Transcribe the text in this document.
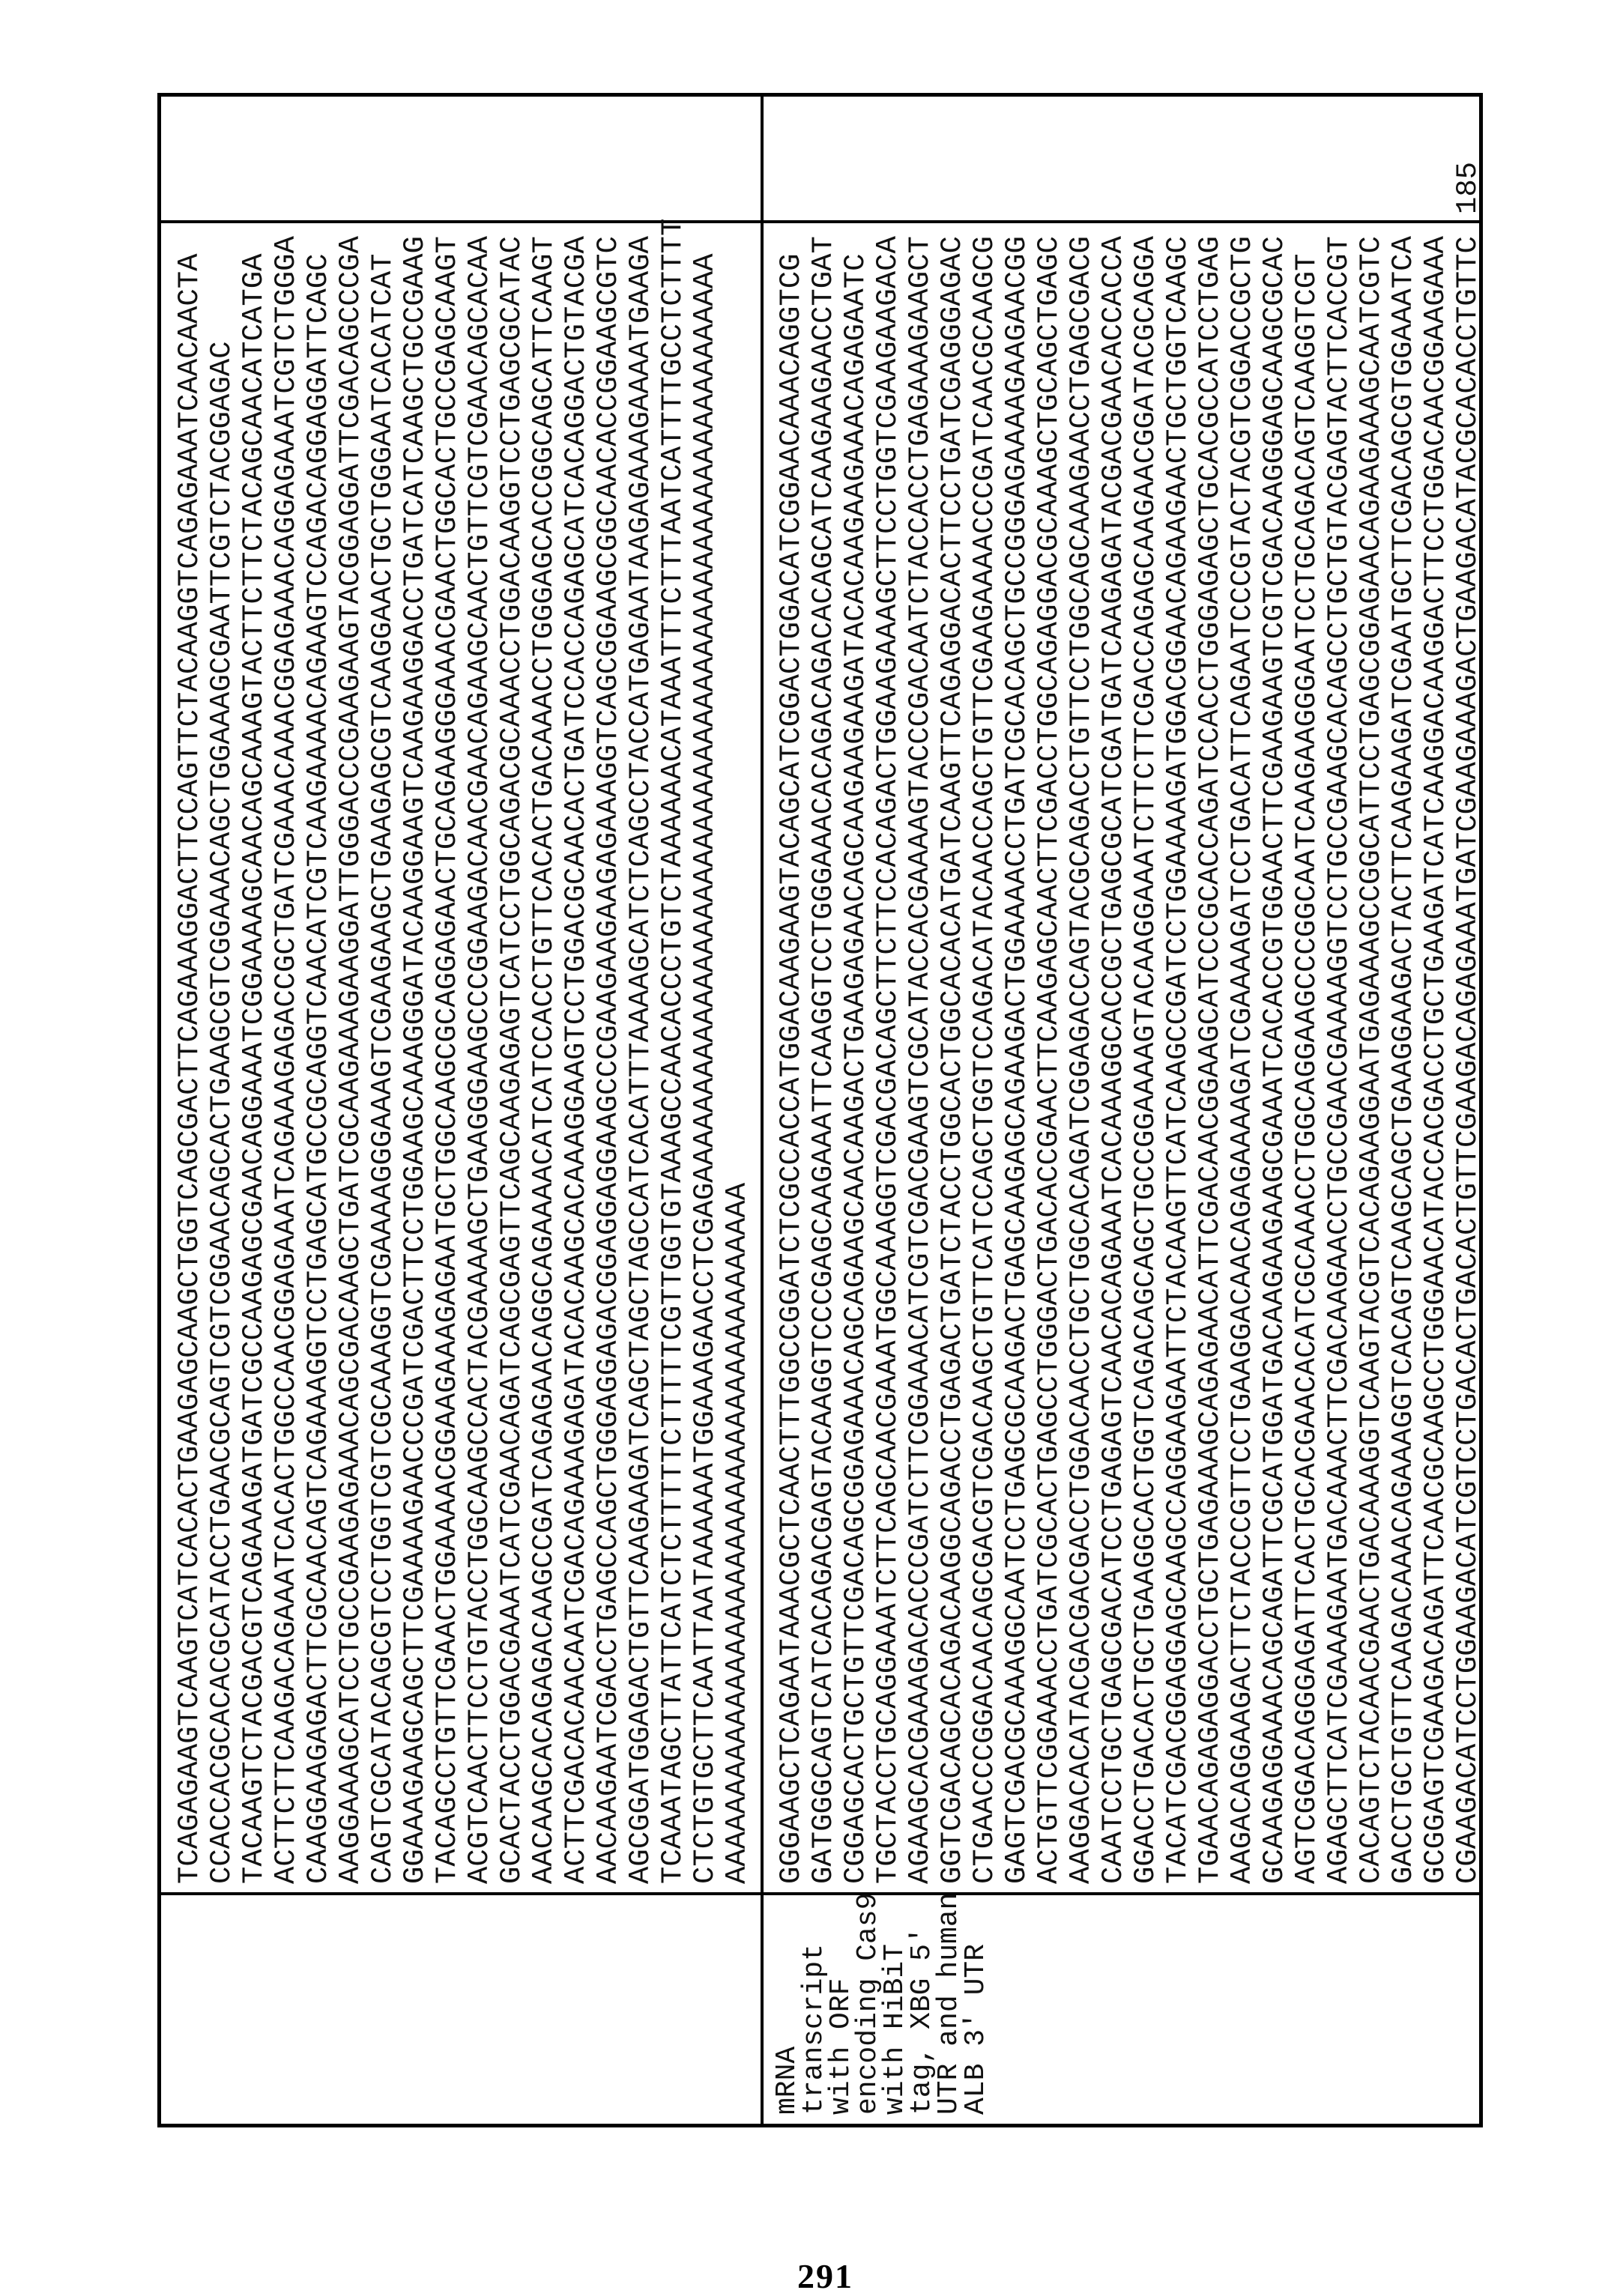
TCAGAGAAGTCAAGTCATCACACTGAAGAGCAAGCTGGTCAGCGACTTCAGAAAGGACTTCCAGTTCTACAAGGTCAGAGAAATCAACAACTA
CCACCACGCACACGCATACCTGAACGCAGTCGTCGGAACAGCACTGAAGCGTCGGAAACAGCTGGAAAGCGAATTCGTCTACGGAGAC
TACAAGTCTACGACGTCAGAAAGATGATCGCCAAGAGCGAACAGGAAATCGGAAAAGCAACAGCAAAGTACTTCTTCTACAGCAACATCATGA
ACTTCTTCAAGACAGAAATCACACTGGCCAACGGAGAAATCAGAAAGAGACCGCTGATCGAAACAAACGGAGAAACAGGAGAAATCGTCTGGGA
CAAGGAAGAGACTTCGCAACAGTCAGAAAGGTCCTGAGCATGCCGCAGGTCAACATCGTCAAGAAAACAGAAGTCCAGACAGGAGGATTCAGC
AAGGAAAGCATCCTGCCGAAGAGAAACAGCGACAAGCTGATCGCAAGAAAGAAGGATTGGGACCCGAAGAAGTACGGAGGATTCGACAGCCCGA
CAGTCGCATACAGCGTCCTGGTCGTCGCAAAGGTCGAAAAGGGAAAGTCGAAGAAGCTGAAGAGCGTCAAGGAACTGCTGGGAATCACATCAT
GGAAAGAAGCAGCTTCGAAAAGAACCCGATCGACTTCCTGGAAGCAAAGGGATACAAGGAAGTCAAGAAGGACCTGATCATCAAGCTGCCGAAG
TACAGCCTGTTCGAACTGGAAAACGGAAGAAAGAGAATGCTGGCAAGCGCAGGAGAACTGCAGAAGGGAAACGAACTGGCACTGCCGAGCAAGT
ACGTCAACTTCCTGTACCTGGCAAGCCACTACGAAAAGCTGAAGGGAAGCCCGGAAGACAACGAACAGAAGCAACTGTTCGTCGAACAGCACAA
GCACTACCTGGACGAAATCATCGAACAGATCAGCGAGTTCAGCAAGAGAGTCATCCTGGCAGACGCAAACCTGGACAAGGTCCTGAGCGCATAC
AACAAGCACAGAGACAAGCCGATCAGAGAACAGGCAGAAAACATCATCCACCTGTTCACACTGACAAACCTGGGAGCACCGGCAGCATTCAAGT
ACTTCGACACAACAATCGACAGAAAGAGATACACAAGCACAAAGGAAGTCCTGGACGCAACACTGATCCACCAGAGCATCACAGGACTGTACGA
AACAAGAATCGACCTGAGCCAGCTGGGAGGAGACGGAGGAGGAAGCCCGAAGAAGAAGAGAAAGGTCAGCGGAAGCGGCAACACCGGAAGCGTC
AGCGGATGGAGACTGTTCAAGAAGATCAGCTAGCTAGCCATCACATTTAAAAGCATCTCAGCCTACCATGAGAATAAGAGAAAGAAAATGAAGA
TCAAATAGCTTATTCATCTCTTTTTCTTTTTCGTTGGTGTAAAGCCAACACCCTGTCTAAAAAACATAAATTTCTTTAATCATTTTGCCTCTTTT
CTCTGTGCTTCAATTAATAAAAAATGGAAAGAACCTCGAGAAAAAAAAAAAAAAAAAAAAAAAAAAAAAAAAAAAAAAAAAAAAAAAAAAAAA
AAAAAAAAAAAAAAAAAAAAAAAAAAAAAAAAAAAAAAAA
mRNA
transcript
with ORF
encoding Cas9
with HiBiT
tag, XBG 5'
UTR and human
ALB 3' UTR
GGGAAGCTCAGAATAAACGCTCAACTTTGGCCGGATCTCGCCACCATGGACAAGAAGTACAGCATCGGACTGGACATCGGAACAAACAGGTCG
GATGGGCAGTCATCACAGACGAGTACAAGGTCCCGAGCAAGAAATTCAAGGTCCTGGGAAACACAGACAGACACAGCATCAAGAAGAACCTGAT
CGGAGCACTGCTGTTCGACAGCGGAGAAACAGCAGAAGCAACAAGACTGAAGAGAACAGCAAGAAGAAGATACACAAGAAGAAACAGAGAATC
TGCTACCTGCAGGAAATCTTCAGCAACGAAATGGCAAAGGTCGACGACAGCTTCTTCCACAGACTGGAAGAAAGCTTCCTGGTCGAAGAAGACA
AGAAGCACGAAAGACACCCGATCTTCGGAAACATCGTCGACGAAGTCGCATACCACGAAAAGTACCCGACAATCTACCACCTGAGAAAGAAGCT
GGTCGACAGCACAGACAAGGCAGACCTGAGACTGATCTACCTGGCACTGGCACACATGATCAAGTTCAGAGGACACTTCCTGATCGAGGGAGAC
CTGAACCCGGACAACAGCGACGTCGACAAGCTGTTCATCCAGCTGGTCCAGACATACAACCAGCTGTTCGAAGAAAACCCGATCAACGCAAGCG
GAGTCGACGCAAAGGCAATCCTGAGCGCAAGACTGAGCAAGAGCAGAAGACTGGAAAACCTGATCGCACAGCTGCCGGGAGAAAAGAAGAACGG
ACTGTTCGGAAACCTGATCGCACTGAGCCTGGGACTGACACCGAACTTCAAGAGCAACTTCGACCTGGCAGAGGACGCAAAGCTGCAGCTGAGC
AAGGACACATACGACGACGACCTGGACAACCTGCTGGCACAGATCGGAGACCAGTACGCAGACCTGTTCCTGGCAGCAAAGAACCTGAGCGACG
CAATCCTGCTGAGCGACATCCTGAGAGTCAACACAGAAATCACAAAGGCACCGCTGAGCGCATCGATGATCAAGAGATACGACGAACACCACCA
GGACCTGACACTGCTGAAGGCACTGGTCAGACAGCAGCTGCCGGAAAAGTACAAGGAAATCTTCTTCGACCAGAGCAAGAACGGATACGCAGGA
TACATCGACGGAGGAGCAAGCCAGGAAGAATTCTACAAGTTCATCAAGCCGATCCTGGAAAAGATGGACGGAACAGAAGAACTGCTGGTCAAGC
TGAACAGAGAGGACCTGCTGAGAAAGCAGAGAACATTCGACAACGGAAGCATCCCGCACCAGATCCACCTGGGAGAGCTGCACGCCATCCTGAG
AAGACAGGAAGACTTCTACCCGTTCCTGAAGGACAACAGAGAAAAGATCGAAAAGATCCTGACATTCAGAATCCCGTACTACGTCGGACCGCTG
GCAAGAGGAAACAGCAGATTCGCATGGATGACAAGAAGAAGCGAAATCACACCGTGGAACTTCGAAGAAGTCGTCGACAAGGGAGCAAGCGCAC
AGTCGGACAGGGAGATTCACTGCACGAACACATCGCAAACCTGGCAGGAAGCCCGGCAATCAAGAAGGGAATCCTGCAGACAGTCAAGGTCGT
AGAGCTTCATCGAAAGAATGACAAACTTCGACAAGAACCTGCCGAACGAAAAGGTCCTGCCGAAGCACAGCCTGCTGTACGAGTACTTCACCGT
CACAGTCTACAACGAACTGACAAAGGTCAAGTACGTCACAGAAGGAATGAGAAAGCCGGCATTCCTGAGCGGAGAACAGAAGAAAGCAATCGTC
GACCTGCTGTTCAAGACAAACAGAAAGGTCACAGTCAAGCAGCTGAAGGAAGACTACTTCAAGAAGATCGAATGCTTCGACAGCGTGGAAATCA
GCGGAGTCGAAGACAGATTCAACGCAAGCCTGGGAACATACCACGACCTGCTGAAGATCATCAAGGACAAGGACTTCCTGGACAACGGAAGAAA
CGAAGACATCCTGGAAGACATCGTCCTGACACTGACACTGTTCGAAGACAGAGAAATGATCGAAGAAAGACTGAAGACATACGCACACCTGTTC
185
291
